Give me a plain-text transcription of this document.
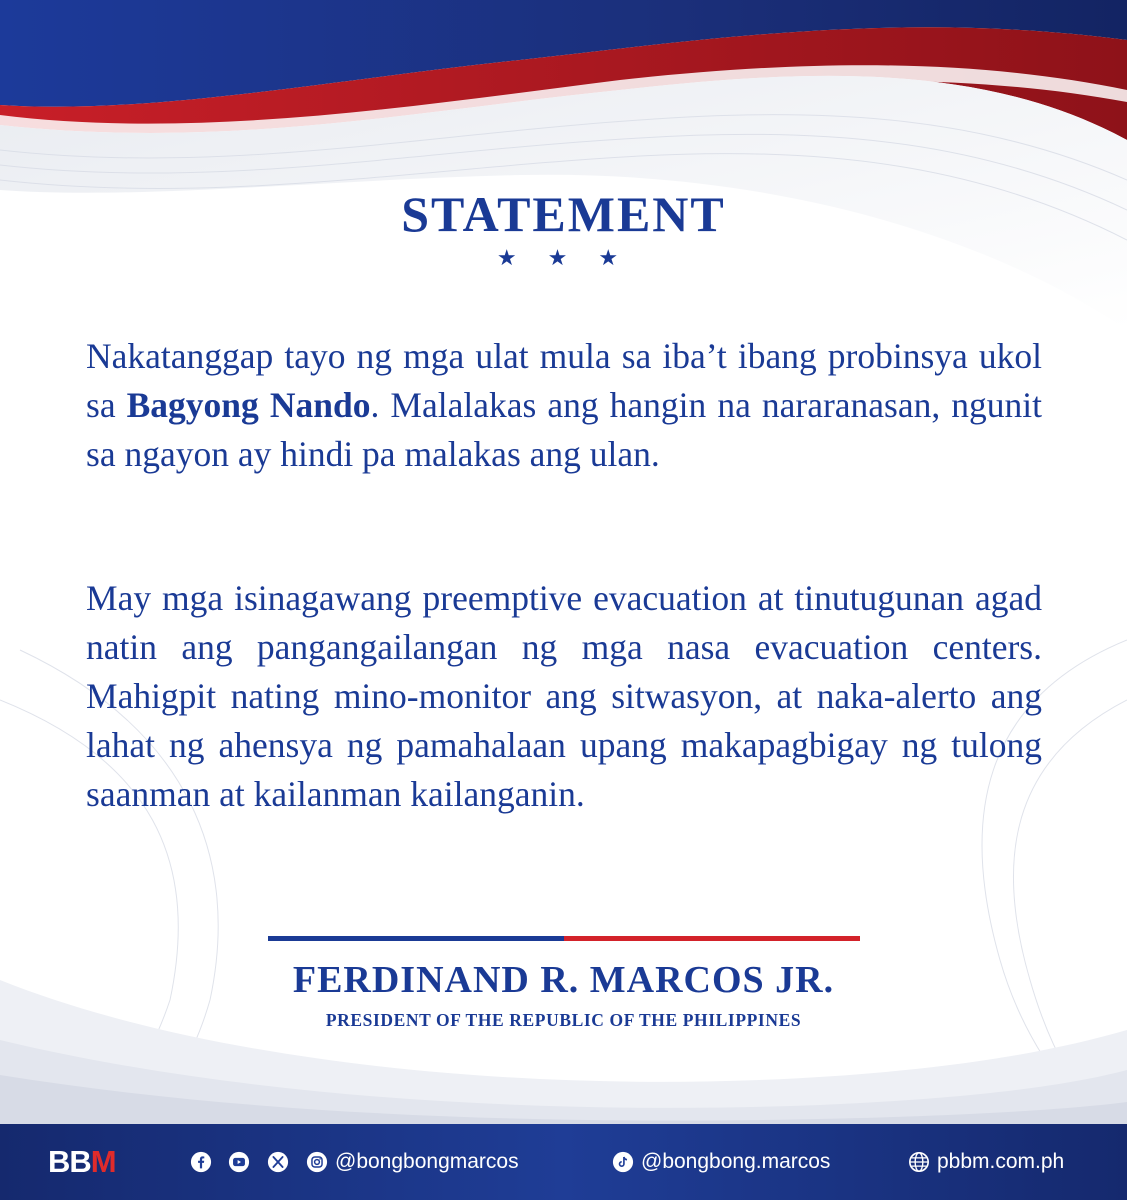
STATEMENT
★ ★ ★
Nakatanggap tayo ng mga ulat mula sa iba’t ibang probinsya ukol sa Bagyong Nando. Malalakas ang hangin na nararanasan, ngunit sa ngayon ay hindi pa malakas ang ulan.
May mga isinagawang preemptive evacuation at tinutugunan agad natin ang pangangailangan ng mga nasa evacuation centers. Mahigpit nating mino-monitor ang sitwasyon, at naka-alerto ang lahat ng ahensya ng pamahalaan upang makapagbigay ng tulong saanman at kailanman kailanganin.
FERDINAND R. MARCOS JR.
PRESIDENT OF THE REPUBLIC OF THE PHILIPPINES
BB M	@bongbongmarcos	@bongbong.marcos	pbbm.com.ph
